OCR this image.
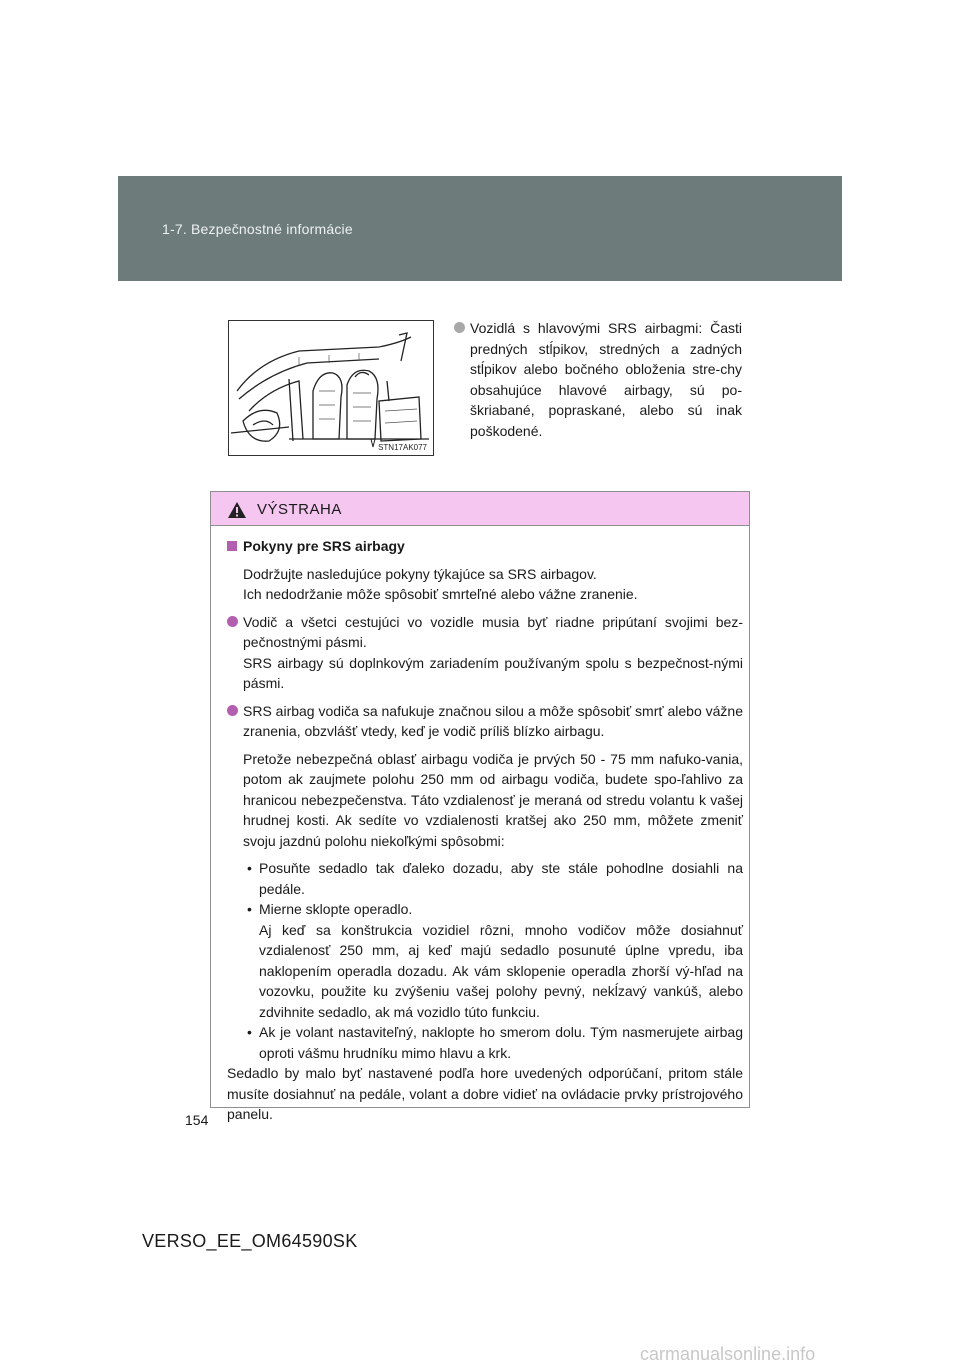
1-7. Bezpečnostné informácie
STN17AK077
Vozidlá s hlavovými SRS airbagmi: Časti predných stĺpikov, stredných a zadných stĺpikov alebo bočného obloženia stre-chy obsahujúce hlavové airbagy, sú po-škriabané, popraskané, alebo sú inak poškodené.
VÝSTRAHA

Pokyny pre SRS airbagy

Dodržujte nasledujúce pokyny týkajúce sa SRS airbagov.

Ich nedodržanie môže spôsobiť smrteľné alebo vážne zranenie.

Vodič a všetci cestujúci vo vozidle musia byť riadne pripútaní svojimi bez-pečnostnými pásmi.

SRS airbagy sú doplnkovým zariadením používaným spolu s bezpečnost-nými pásmi.

SRS airbag vodiča sa nafukuje značnou silou a môže spôsobiť smrť alebo vážne zranenia, obzvlášť vtedy, keď je vodič príliš blízko airbagu.

Pretože nebezpečná oblasť airbagu vodiča je prvých 50 - 75 mm nafuko-vania, potom ak zaujmete polohu 250 mm od airbagu vodiča, budete spo-ľahlivo za hranicou nebezpečenstva. Táto vzdialenosť je meraná od stredu volantu k vašej hrudnej kosti. Ak sedíte vo vzdialenosti kratšej ako 250 mm, môžete zmeniť svoju jazdnú polohu niekoľkými spôsobmi:

• Posuňte sedadlo tak ďaleko dozadu, aby ste stále pohodlne dosiahli na pedále.

• Mierne sklopte operadlo.

Aj keď sa konštrukcia vozidiel rôzni, mnoho vodičov môže dosiahnuť vzdialenosť 250 mm, aj keď majú sedadlo posunuté úplne vpredu, iba naklopením operadla dozadu. Ak vám sklopenie operadla zhorší vý-hľad na vozovku, použite ku zvýšeniu vašej polohy pevný, nekĺzavý vankúš, alebo zdvihnite sedadlo, ak má vozidlo túto funkciu.

• Ak je volant nastaviteľný, naklopte ho smerom dolu. Tým nasmerujete airbag oproti vášmu hrudníku mimo hlavu a krk.

Sedadlo by malo byť nastavené podľa hore uvedených odporúčaní, pritom stále musíte dosiahnuť na pedále, volant a dobre vidieť na ovládacie prvky prístrojového panelu.

154
VERSO_EE_OM64590SK
carmanualsonline.info
